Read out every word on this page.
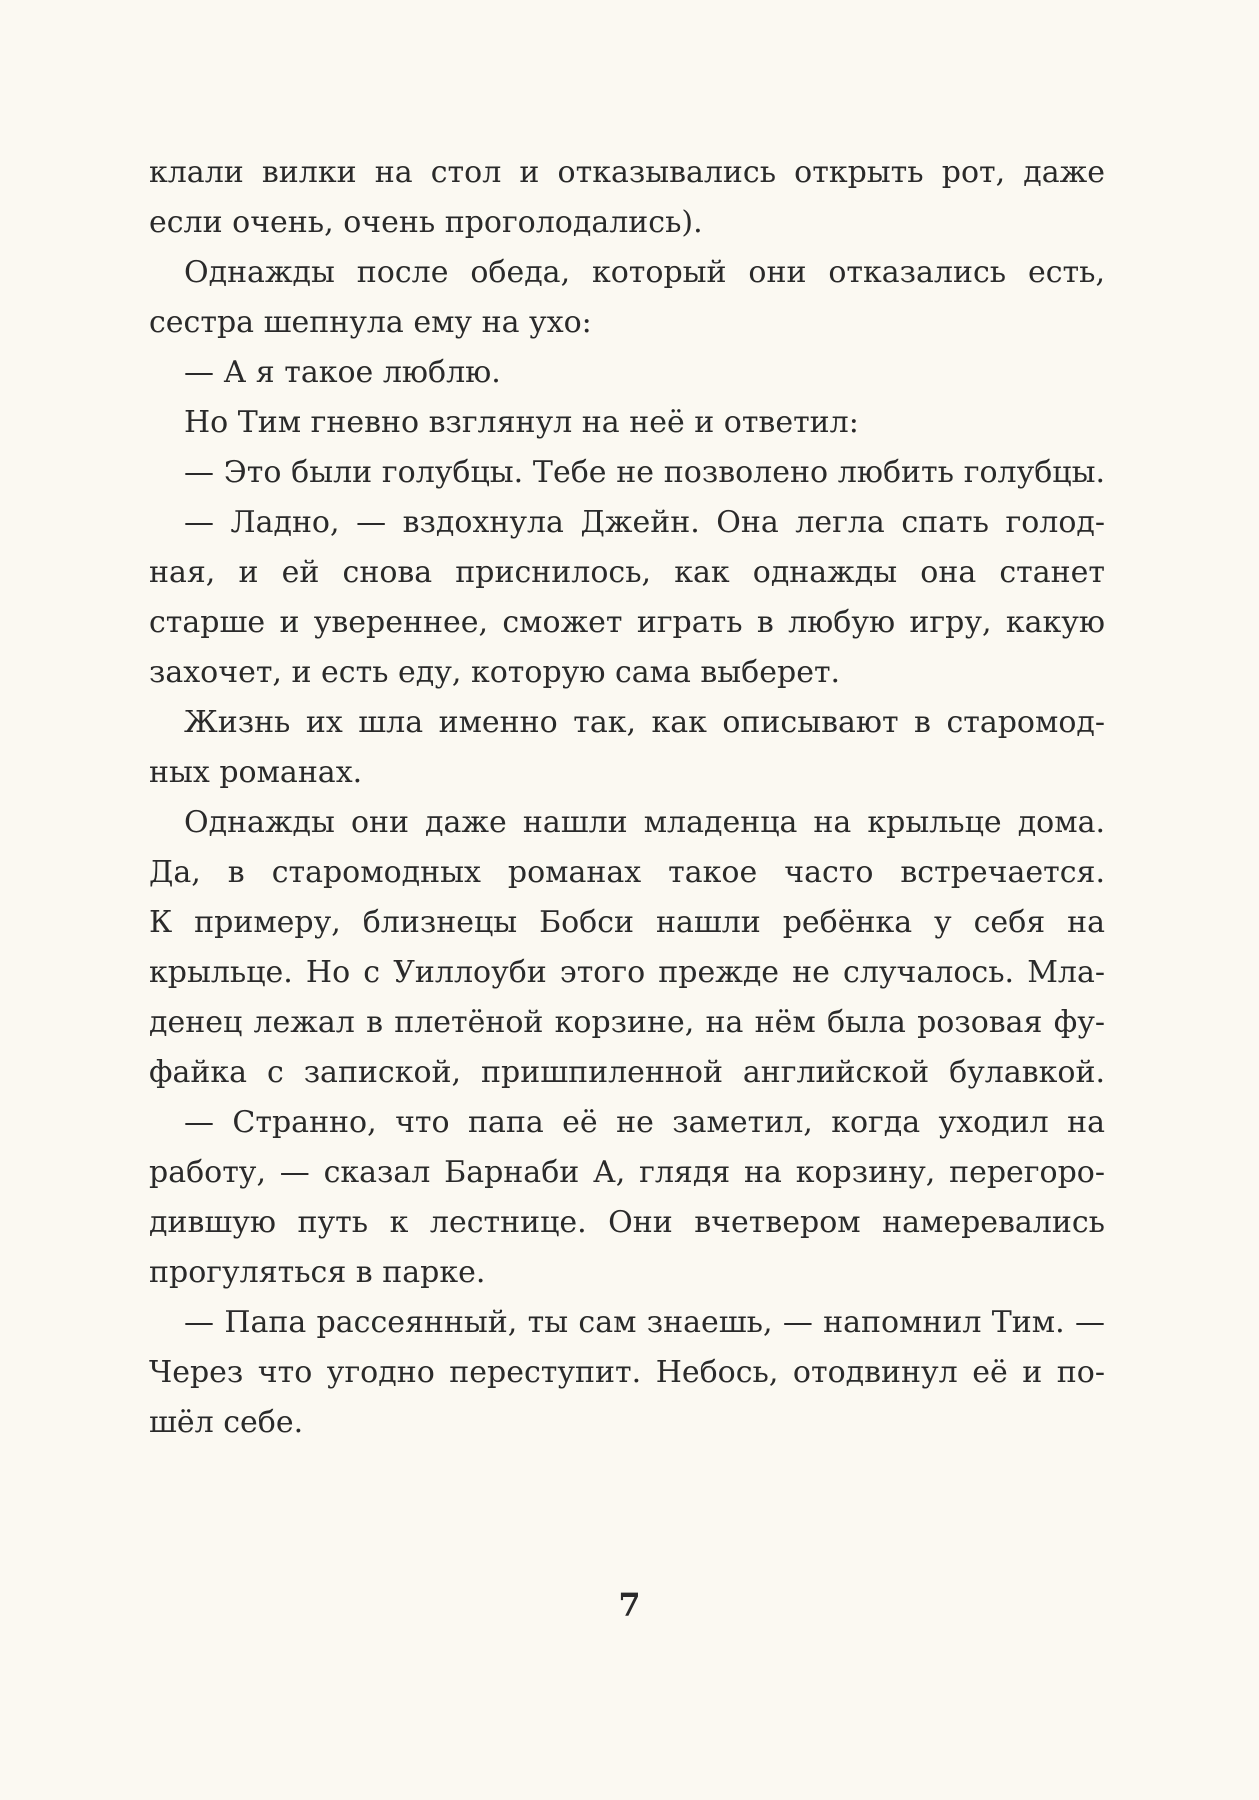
клали вилки на стол и отказывались открыть рот, даже
если очень, очень проголодались).
Однажды после обеда, который они отказались есть,
сестра шепнула ему на ухо:
— А я такое люблю.
Но Тим гневно взглянул на неё и ответил:
— Это были голубцы. Тебе не позволено любить голубцы.
— Ладно, — вздохнула Джейн. Она легла спать голод-
ная, и ей снова приснилось, как однажды она станет
старше и увереннее, сможет играть в любую игру, какую
захочет, и есть еду, которую сама выберет.
Жизнь их шла именно так, как описывают в старомод-
ных романах.
Однажды они даже нашли младенца на крыльце дома.
Да, в старомодных романах такое часто встречается.
К примеру, близнецы Бобси нашли ребёнка у себя на
крыльце. Но с Уиллоуби этого прежде не случалось. Мла-
денец лежал в плетёной корзине, на нём была розовая фу-
файка с запиской, пришпиленной английской булавкой.
— Странно, что папа её не заметил, когда уходил на
работу, — сказал Барнаби А, глядя на корзину, перегоро-
дившую путь к лестнице. Они вчетвером намеревались
прогуляться в парке.
— Папа рассеянный, ты сам знаешь, — напомнил Тим. —
Через что угодно переступит. Небось, отодвинул её и по-
шёл себе.
7
